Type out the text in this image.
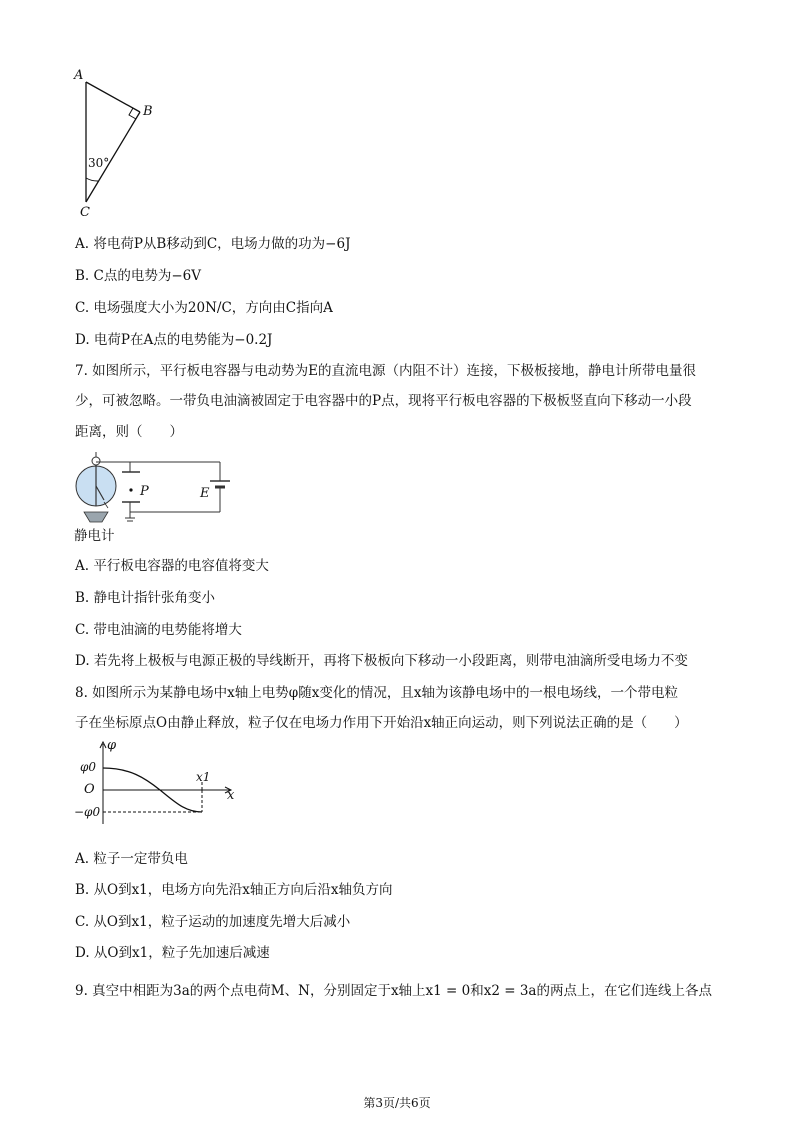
A
B
C
30°
A. 将电荷P从B移动到C，电场力做的功为−6J
B. C点的电势为−6V
C. 电场强度大小为20N/C，方向由C指向A
D. 电荷P在A点的电势能为−0.2J
7. 如图所示，平行板电容器与电动势为E的直流电源（内阻不计）连接，下极板接地，静电计所带电量很
少，可被忽略。一带负电油滴被固定于电容器中的P点，现将平行板电容器的下极板竖直向下移动一小段
距离，则（　　）
P	E
静电计
A. 平行板电容器的电容值将变大
B. 静电计指针张角变小
C. 带电油滴的电势能将增大
D. 若先将上极板与电源正极的导线断开，再将下极板向下移动一小段距离，则带电油滴所受电场力不变
8. 如图所示为某静电场中x轴上电势φ随x变化的情况，且x轴为该静电场中的一根电场线，一个带电粒
子在坐标原点O由静止释放，粒子仅在电场力作用下开始沿x轴正向运动，则下列说法正确的是（　　）
φ
φ0
O
−φ0
x1
x
A. 粒子一定带负电
B. 从O到x1，电场方向先沿x轴正方向后沿x轴负方向
C. 从O到x1，粒子运动的加速度先增大后减小
D. 从O到x1，粒子先加速后减速
9. 真空中相距为3a的两个点电荷M、N，分别固定于x轴上x1 = 0和x2 = 3a的两点上，在它们连线上各点
第3页/共6页
